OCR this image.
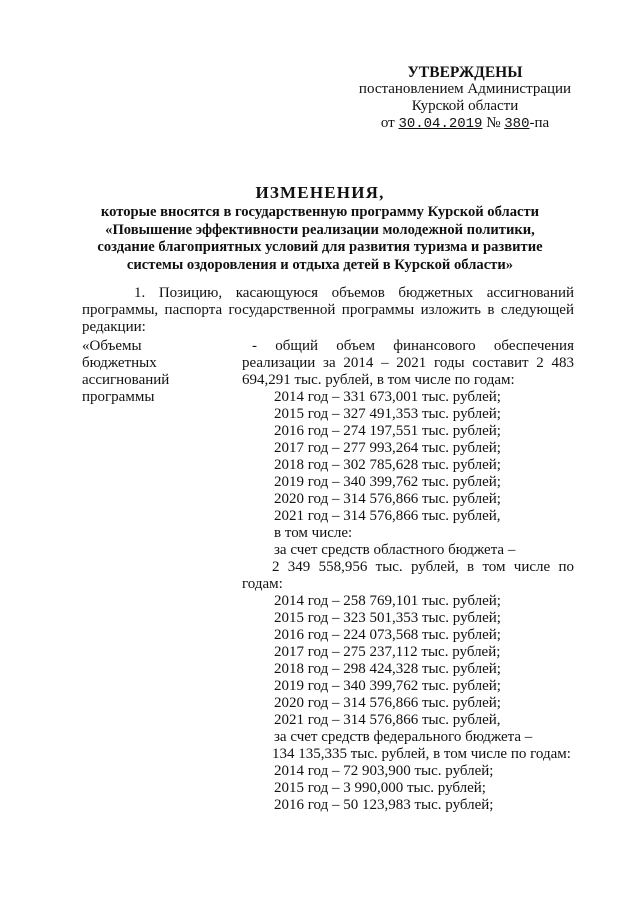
УТВЕРЖДЕНЫ
постановлением Администрации
Курской области
от 30.04.2019 № 380-па
ИЗМЕНЕНИЯ,
которые вносятся в государственную программу Курской области
«Повышение эффективности реализации молодежной политики,
создание благоприятных условий для развития туризма и развитие
системы оздоровления и отдыха детей в Курской области»
1. Позицию, касающуюся объемов бюджетных ассигнований программы, паспорта государственной программы изложить в следующей редакции:
«Объемы
бюджетных
ассигнований
программы
- общий объем финансового обеспечения реализации за 2014 – 2021 годы составит 2 483 694,291 тыс. рублей, в том числе по годам:
2014 год – 331 673,001 тыс. рублей;
2015 год – 327 491,353 тыс. рублей;
2016 год – 274 197,551 тыс. рублей;
2017 год – 277 993,264 тыс. рублей;
2018 год – 302 785,628 тыс. рублей;
2019 год – 340 399,762 тыс. рублей;
2020 год – 314 576,866 тыс. рублей;
2021 год – 314 576,866 тыс. рублей,
в том числе:
за счет средств областного бюджета –
2 349 558,956 тыс. рублей, в том числе по годам:
2014 год – 258 769,101 тыс. рублей;
2015 год – 323 501,353 тыс. рублей;
2016 год – 224 073,568 тыс. рублей;
2017 год – 275 237,112 тыс. рублей;
2018 год – 298 424,328 тыс. рублей;
2019 год – 340 399,762 тыс. рублей;
2020 год – 314 576,866 тыс. рублей;
2021 год – 314 576,866 тыс. рублей,
за счет средств федерального бюджета –
134 135,335 тыс. рублей, в том числе по годам:
2014 год – 72 903,900 тыс. рублей;
2015 год – 3 990,000 тыс. рублей;
2016 год – 50 123,983 тыс. рублей;
